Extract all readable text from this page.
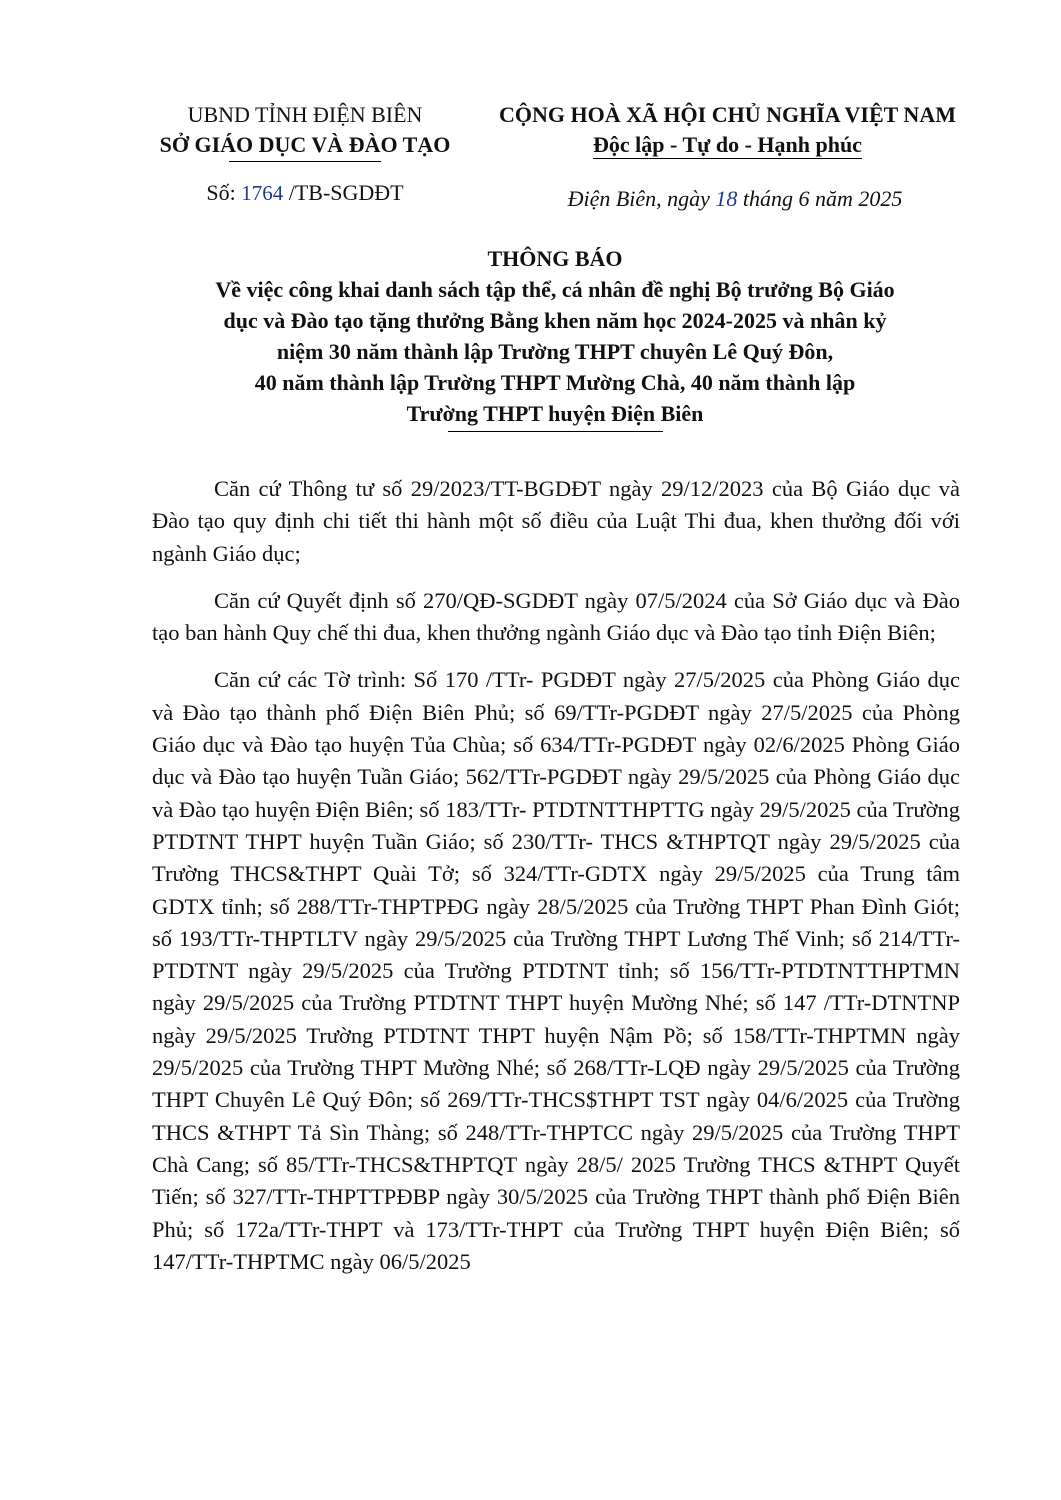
UBND TỈNH ĐIỆN BIÊN
SỞ GIÁO DỤC VÀ ĐÀO TẠO
Số: 1764 /TB-SGDĐT
CỘNG HOÀ XÃ HỘI CHỦ NGHĨA VIỆT NAM
Độc lập - Tự do - Hạnh phúc
Điện Biên, ngày 18 tháng 6 năm 2025
THÔNG BÁO
Về việc công khai danh sách tập thể, cá nhân đề nghị Bộ trưởng Bộ Giáo
dục và Đào tạo tặng thưởng Bằng khen năm học 2024-2025 và nhân kỷ
niệm 30 năm thành lập Trường THPT chuyên Lê Quý Đôn,
40 năm thành lập Trường THPT Mường Chà, 40 năm thành lập
Trường THPT huyện Điện Biên

Căn cứ Thông tư số 29/2023/TT-BGDĐT ngày 29/12/2023 của Bộ Giáo dục và Đào tạo quy định chi tiết thi hành một số điều của Luật Thi đua, khen thưởng đối với ngành Giáo dục;

Căn cứ Quyết định số 270/QĐ-SGDĐT ngày 07/5/2024 của Sở Giáo dục và Đào tạo ban hành Quy chế thi đua, khen thưởng ngành Giáo dục và Đào tạo tỉnh Điện Biên;

Căn cứ các Tờ trình: Số 170 /TTr- PGDĐT ngày 27/5/2025 của Phòng Giáo dục và Đào tạo thành phố Điện Biên Phủ; số 69/TTr-PGDĐT ngày 27/5/2025 của Phòng Giáo dục và Đào tạo huyện Tủa Chùa; số 634/TTr-PGDĐT ngày 02/6/2025 Phòng Giáo dục và Đào tạo huyện Tuần Giáo; 562/TTr-PGDĐT ngày 29/5/2025 của Phòng Giáo dục và Đào tạo huyện Điện Biên; số 183/TTr- PTDTNTTHPTTG ngày 29/5/2025 của Trường PTDTNT THPT huyện Tuần Giáo; số 230/TTr- THCS &THPTQT ngày 29/5/2025 của Trường THCS&THPT Quài Tở; số 324/TTr-GDTX ngày 29/5/2025 của Trung tâm GDTX tỉnh; số 288/TTr-THPTPĐG ngày 28/5/2025 của Trường THPT Phan Đình Giót; số 193/TTr-THPTLTV ngày 29/5/2025 của Trường THPT Lương Thế Vinh; số 214/TTr-PTDTNT ngày 29/5/2025 của Trường PTDTNT tỉnh; số 156/TTr-PTDTNTTHPTMN ngày 29/5/2025 của Trường PTDTNT THPT huyện Mường Nhé; số 147 /TTr-DTNTNP ngày 29/5/2025 Trường PTDTNT THPT huyện Nậm Pồ; số 158/TTr-THPTMN ngày 29/5/2025 của Trường THPT Mường Nhé; số 268/TTr-LQĐ ngày 29/5/2025 của Trường THPT Chuyên Lê Quý Đôn; số 269/TTr-THCS$THPT TST ngày 04/6/2025 của Trường THCS &THPT Tả Sìn Thàng; số 248/TTr-THPTCC ngày 29/5/2025 của Trường THPT Chà Cang; số 85/TTr-THCS&THPTQT ngày 28/5/ 2025 Trường THCS &THPT Quyết Tiến; số 327/TTr-THPTTPĐBP ngày 30/5/2025 của Trường THPT thành phố Điện Biên Phủ; số 172a/TTr-THPT và 173/TTr-THPT của Trường THPT huyện Điện Biên; số 147/TTr-THPTMC ngày 06/5/2025
